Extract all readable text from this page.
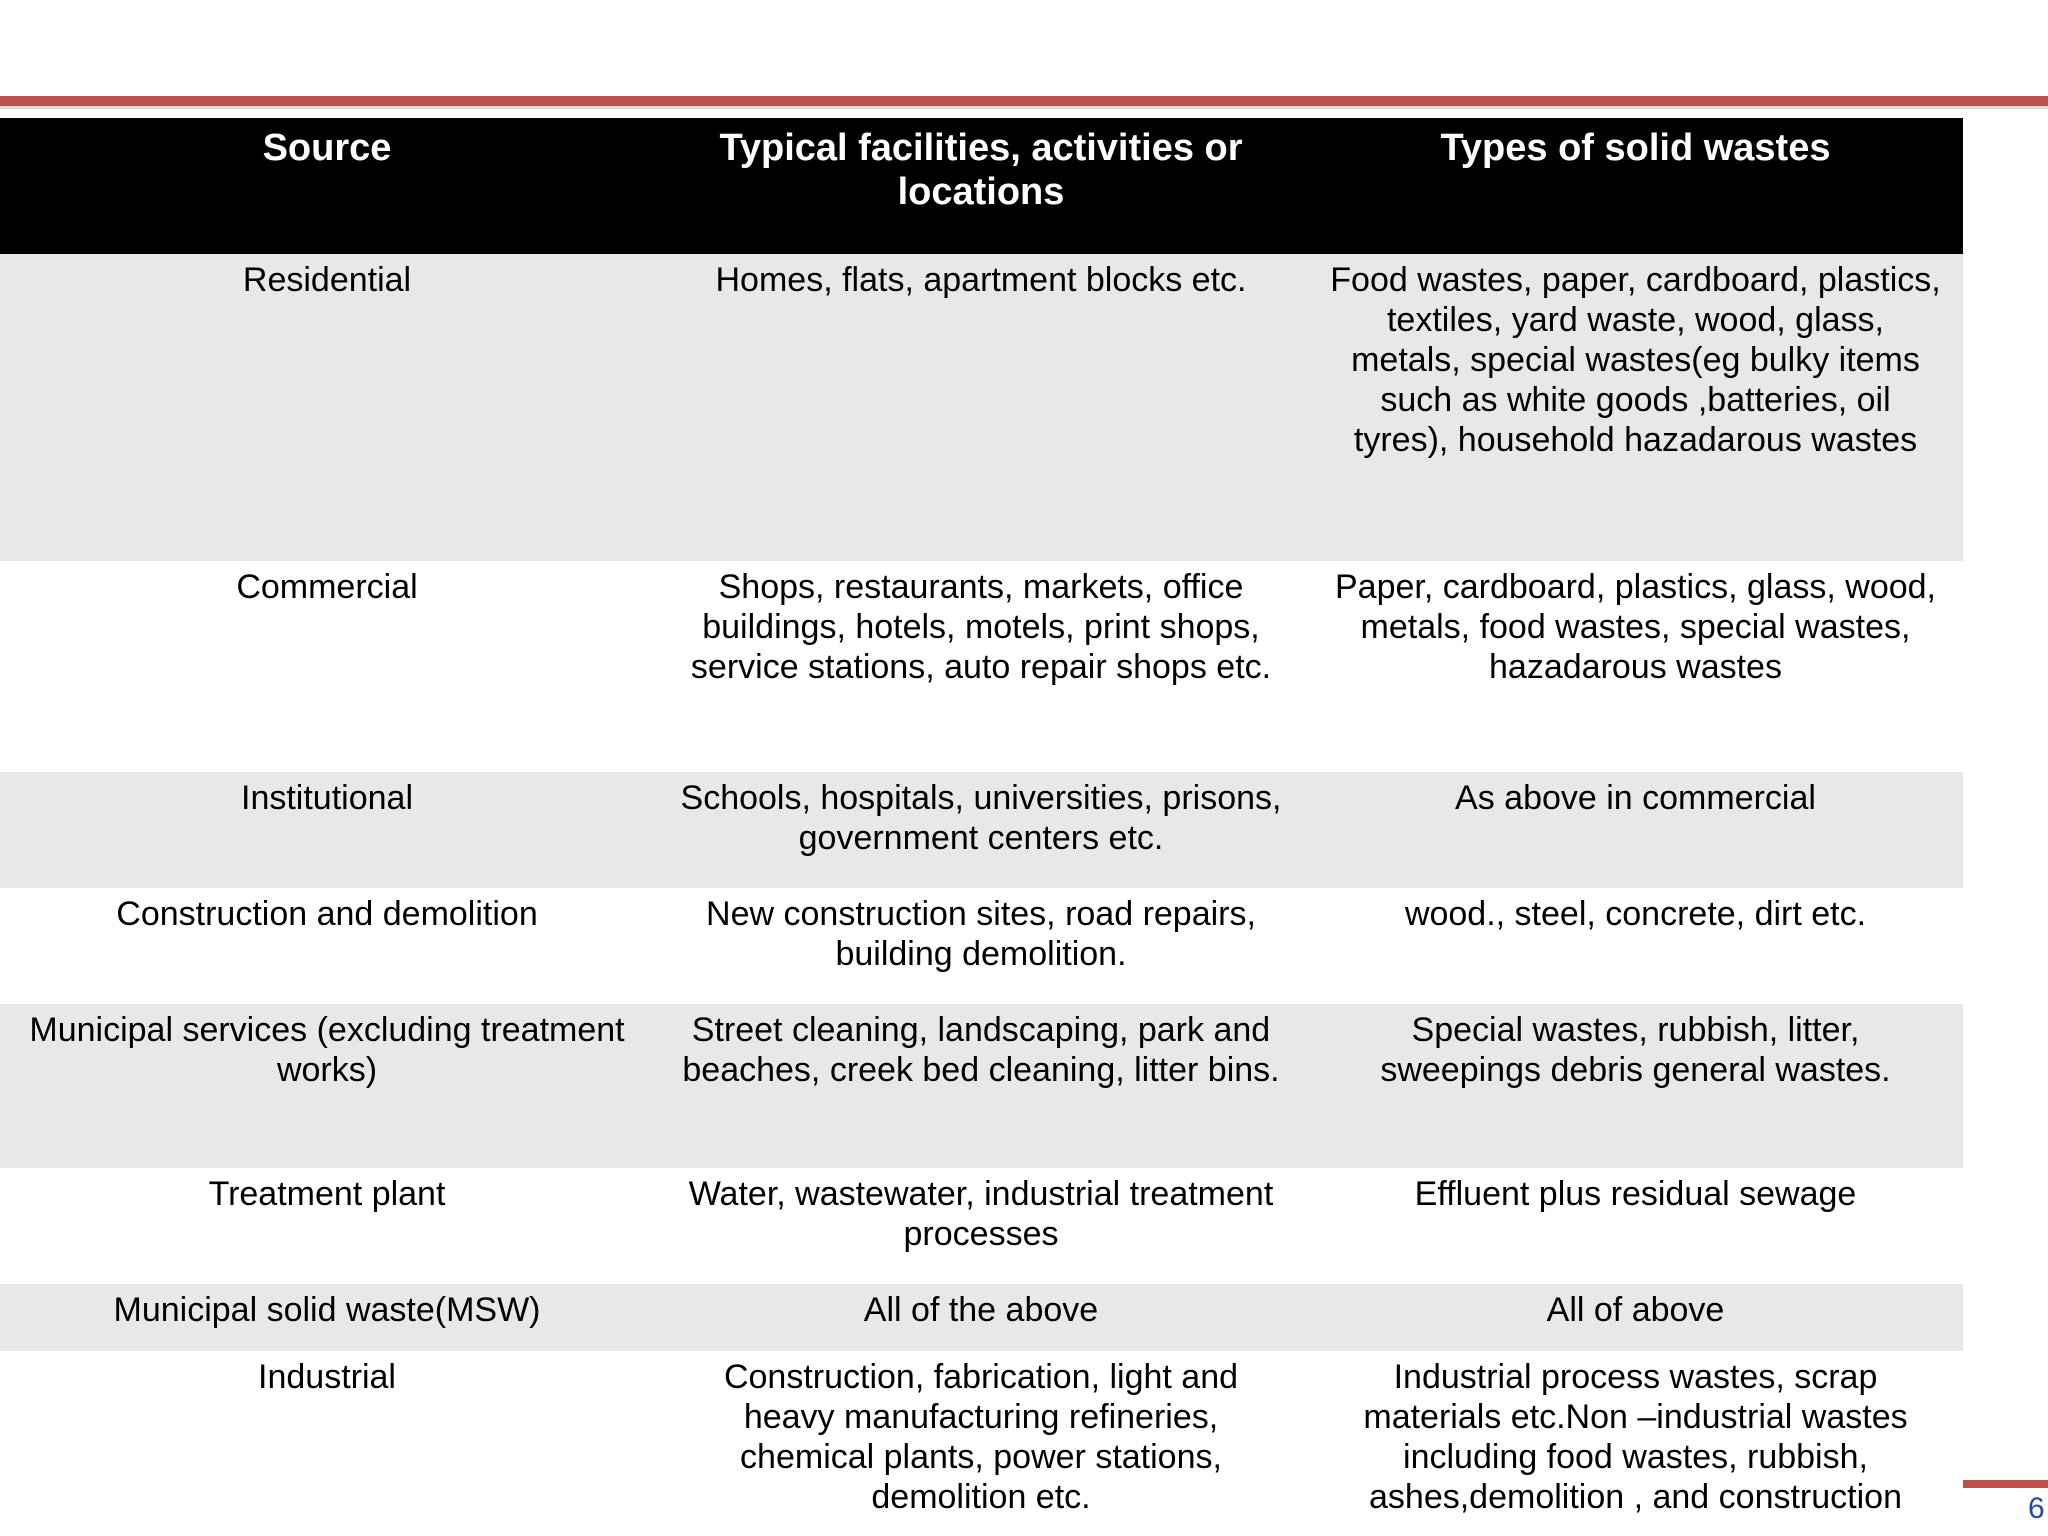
Source	Typical facilities, activities or locations	Types of solid wastes
Residential	Homes, flats, apartment blocks etc.	Food wastes, paper, cardboard, plastics, textiles, yard waste, wood, glass, metals, special wastes(eg bulky items such as white goods ,batteries, oil tyres), household hazadarous wastes
Commercial	Shops, restaurants, markets, office buildings, hotels, motels, print shops, service stations, auto repair shops etc.	Paper, cardboard, plastics, glass, wood, metals, food wastes, special wastes, hazadarous wastes
Institutional	Schools, hospitals, universities, prisons, government centers etc.	As above in commercial
Construction and demolition	New construction sites, road repairs, building demolition.	wood., steel, concrete, dirt etc.
Municipal services (excluding treatment works)	Street cleaning, landscaping, park and beaches, creek bed cleaning, litter bins.	Special wastes, rubbish, litter, sweepings debris general wastes.
Treatment plant	Water, wastewater, industrial treatment processes	Effluent plus residual sewage
Municipal solid waste(MSW)	All of the above	All of above
Industrial	Construction, fabrication, light and heavy manufacturing refineries, chemical plants, power stations, demolition etc.	Industrial process wastes, scrap materials etc.Non –industrial wastes including food wastes, rubbish, ashes,demolition , and construction	6
